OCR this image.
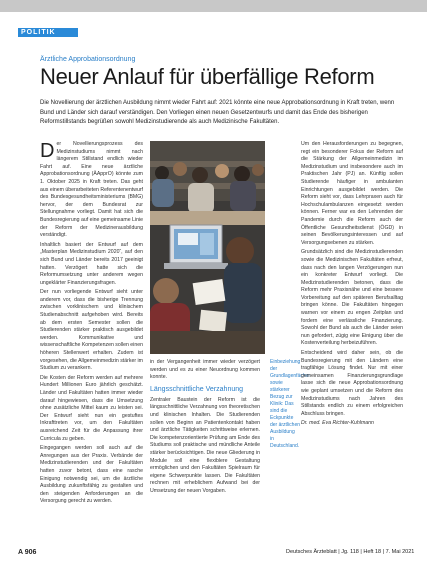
POLITIK
Ärztliche Approbationsordnung
Neuer Anlauf für überfällige Reform
Die Novellierung der ärztlichen Ausbildung nimmt wieder Fahrt auf: 2021 könnte eine neue Approbationsordnung in Kraft treten, wenn Bund und Länder sich darauf verständigen. Den Vorliegen einen neuen Gesetzentwurfs und damit das Ende des bisherigen Reformstillstands begrüßen sowohl Medizinstudierende als auch Medizinische Fakultäten.

Der Novellierungsprozess des Medizinstudiums nimmt nach längerem Stillstand endlich wieder Fahrt auf. Eine neue ärztliche Approbationsordnung (ÄApprO) könnte zum 1. Oktober 2025 in Kraft treten. Das geht aus einem überarbeiteten Referentenentwurf des Bundesgesundheitsministeriums (BMG) hervor, der dem Bundesrat zur Stellungnahme vorliegt. Damit hat sich die Bundesregierung auf eine gemeinsame Linie der Reform der Medizinerausbildung verständigt.

Inhaltlich basiert der Entwurf auf dem „Masterplan Medizinstudium 2020“, auf den sich Bund und Länder bereits 2017 geeinigt hatten. Verzögert hatte sich die Reformumsetzung unter anderem wegen ungeklärter Finanzierungsfragen.

Der nun vorliegende Entwurf sieht unter anderem vor, dass die bisherige Trennung zwischen vorklinischem und klinischem Studienabschnitt aufgehoben wird. Bereits ab dem ersten Semester sollen die Studierenden stärker praktisch ausgebildet werden. Kommunikative und wissenschaftliche Kompetenzen sollen einen höheren Stellenwert erhalten. Zudem ist vorgesehen, die Allgemeinmedizin stärker im Studium zu verankern.

Die Kosten der Reform werden auf mehrere Hundert Millionen Euro jährlich geschätzt. Länder und Fakultäten hatten immer wieder darauf hingewiesen, dass die Umsetzung ohne zusätzliche Mittel kaum zu leisten sei. Der Entwurf sieht nun ein gestuftes Inkrafttreten vor, um den Fakultäten ausreichend Zeit für die Anpassung ihrer Curricula zu geben.

Eingegangen werden soll auch auf die Anregungen aus der Praxis. Verbände der Medizinstudierenden und der Fakultäten hatten zuvor betont, dass eine rasche Einigung notwendig sei, um die ärztliche Ausbildung zukunftsfähig zu gestalten und den steigenden Anforderungen an die Versorgung gerecht zu werden.

Einbeziehung der Grundlagenfächer sowie stärkerer Bezug zur Klinik: Das sind die Eckpunkte der ärztlichen Ausbildung in Deutschland.

in der Vergangenheit immer wieder verzögert werden und es zu einer Neuordnung kommen konnte.

Längsschnittliche Verzahnung

Zentraler Baustein der Reform ist die längsschnittliche Verzahnung von theoretischen und klinischen Inhalten. Die Studierenden sollen von Beginn an Patientenkontakt haben und ärztliche Tätigkeiten schrittweise erlernen. Die kompetenzorientierte Prüfung am Ende des Studiums soll praktische und mündliche Anteile stärker berücksichtigen. Die neue Gliederung in Module soll eine flexiblere Gestaltung ermöglichen und den Fakultäten Spielraum für eigene Schwerpunkte lassen. Die Fakultäten rechnen mit erheblichem Aufwand bei der Umsetzung der neuen Vorgaben.

Um den Herausforderungen zu begegnen, regt ein besonderer Fokus der Reform auf die Stärkung der Allgemeinmedizin im Medizinstudium und insbesondere auch im Praktischen Jahr (PJ) an. Künftig sollen Studierende häufiger in ambulanten Einrichtungen ausgebildet werden. Die Reform sieht vor, dass Lehrpraxen auch für Hochschulambulanzen eingesetzt werden können. Ferner war es den Lehrenden der Pandemie durch die Reform auch der Öffentliche Gesundheitsdienst (ÖGD) in seinen Bevölkerungsinteressen und auf Versorgungsebenen zu stärken.

Grundsätzlich sind die Medizinstudierenden sowie die Medizinischen Fakultäten erfreut, dass nach den langen Verzögerungen nun ein konkreter Entwurf vorliegt. Die Medizinstudierenden betonen, dass die Reform mehr Praxisnähe und eine bessere Vorbereitung auf den späteren Berufsalltag bringen könne. Die Fakultäten hingegen warnen vor einem zu engen Zeitplan und fordern eine verlässliche Finanzierung. Sowohl der Bund als auch die Länder seien nun gefordert, zügig eine Einigung über die Kostenverteilung herbeizuführen.

Entscheidend wird daher sein, ob die Bundesregierung mit den Ländern eine tragfähige Lösung findet. Nur mit einer gemeinsamen Finanzierungsgrundlage lasse sich die neue Approbationsordnung wie geplant umsetzen und die Reform des Medizinstudiums nach Jahren des Stillstands endlich zu einem erfolgreichen Abschluss bringen.

Dr. med. Eva Richter-Kuhlmann

A 906	Deutsches Ärzteblatt | Jg. 118 | Heft 18 | 7. Mai 2021
